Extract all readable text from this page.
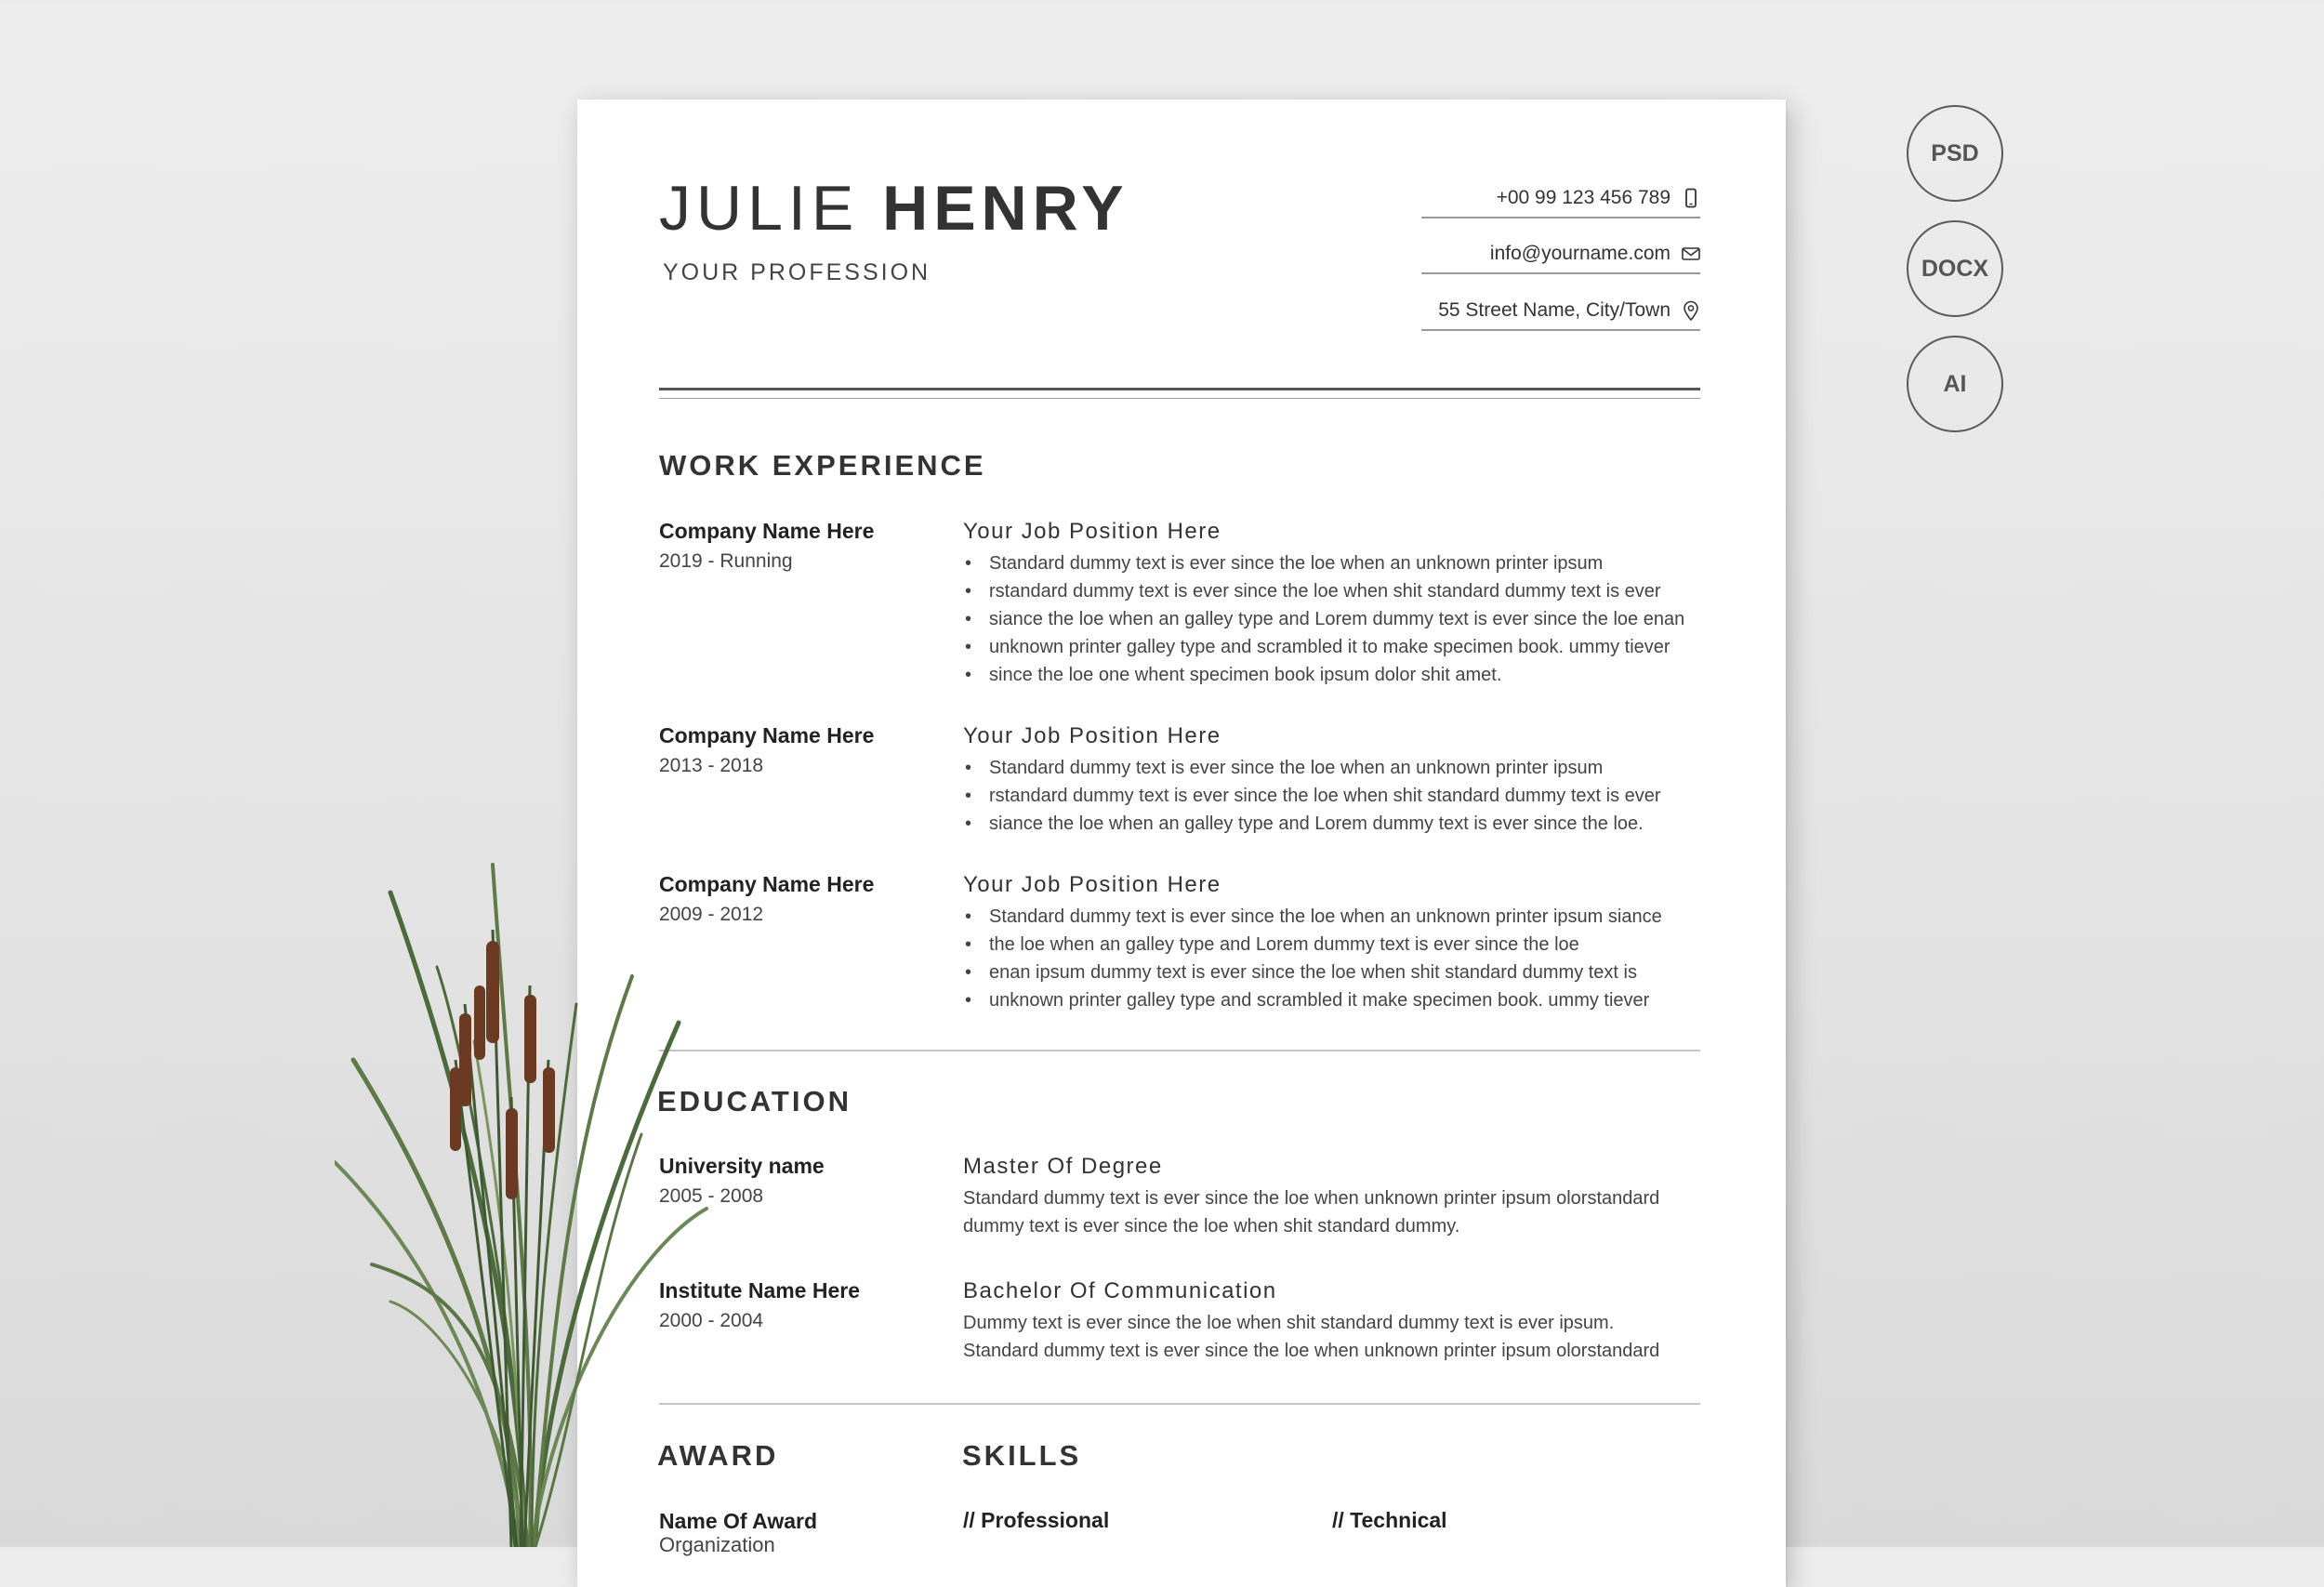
JULIE HENRY
YOUR PROFESSION
+00 99 123 456 789
info@yourname.com
55 Street Name, City/Town
WORK EXPERIENCE
Company Name Here
2019 - Running
Your Job Position Here
• Standard dummy text is ever since the loe when an unknown printer ipsum
• rstandard dummy text is ever since the loe when shit standard dummy text is ever
• siance the loe when an galley type and Lorem dummy text is ever since the loe enan
• unknown printer galley type and scrambled it to make specimen book. ummy tiever
• since the loe one whent specimen book ipsum dolor shit amet.
Company Name Here
2013 - 2018
Your Job Position Here
• Standard dummy text is ever since the loe when an unknown printer ipsum
• rstandard dummy text is ever since the loe when shit standard dummy text is ever
• siance the loe when an galley type and Lorem dummy text is ever since the loe.
Company Name Here
2009 - 2012
Your Job Position Here
• Standard dummy text is ever since the loe when an unknown printer ipsum siance
• the loe when an galley type and Lorem dummy text is ever since the loe
• enan ipsum dummy text is ever since the loe when shit standard dummy text is
• unknown printer galley type and scrambled it make specimen book. ummy tiever
EDUCATION
University name
2005 - 2008
Master Of Degree
Standard dummy text is ever since the loe when unknown printer ipsum olorstandard
dummy text is ever since the loe when shit standard dummy.
Institute Name Here
2000 - 2004
Bachelor Of Communication
Dummy text is ever since the loe when shit standard dummy text is ever ipsum.
Standard dummy text is ever since the loe when unknown printer ipsum olorstandard
AWARD	SKILLS
Name Of Award
Organization
// Professional	// Technical
PSD
DOCX
AI
